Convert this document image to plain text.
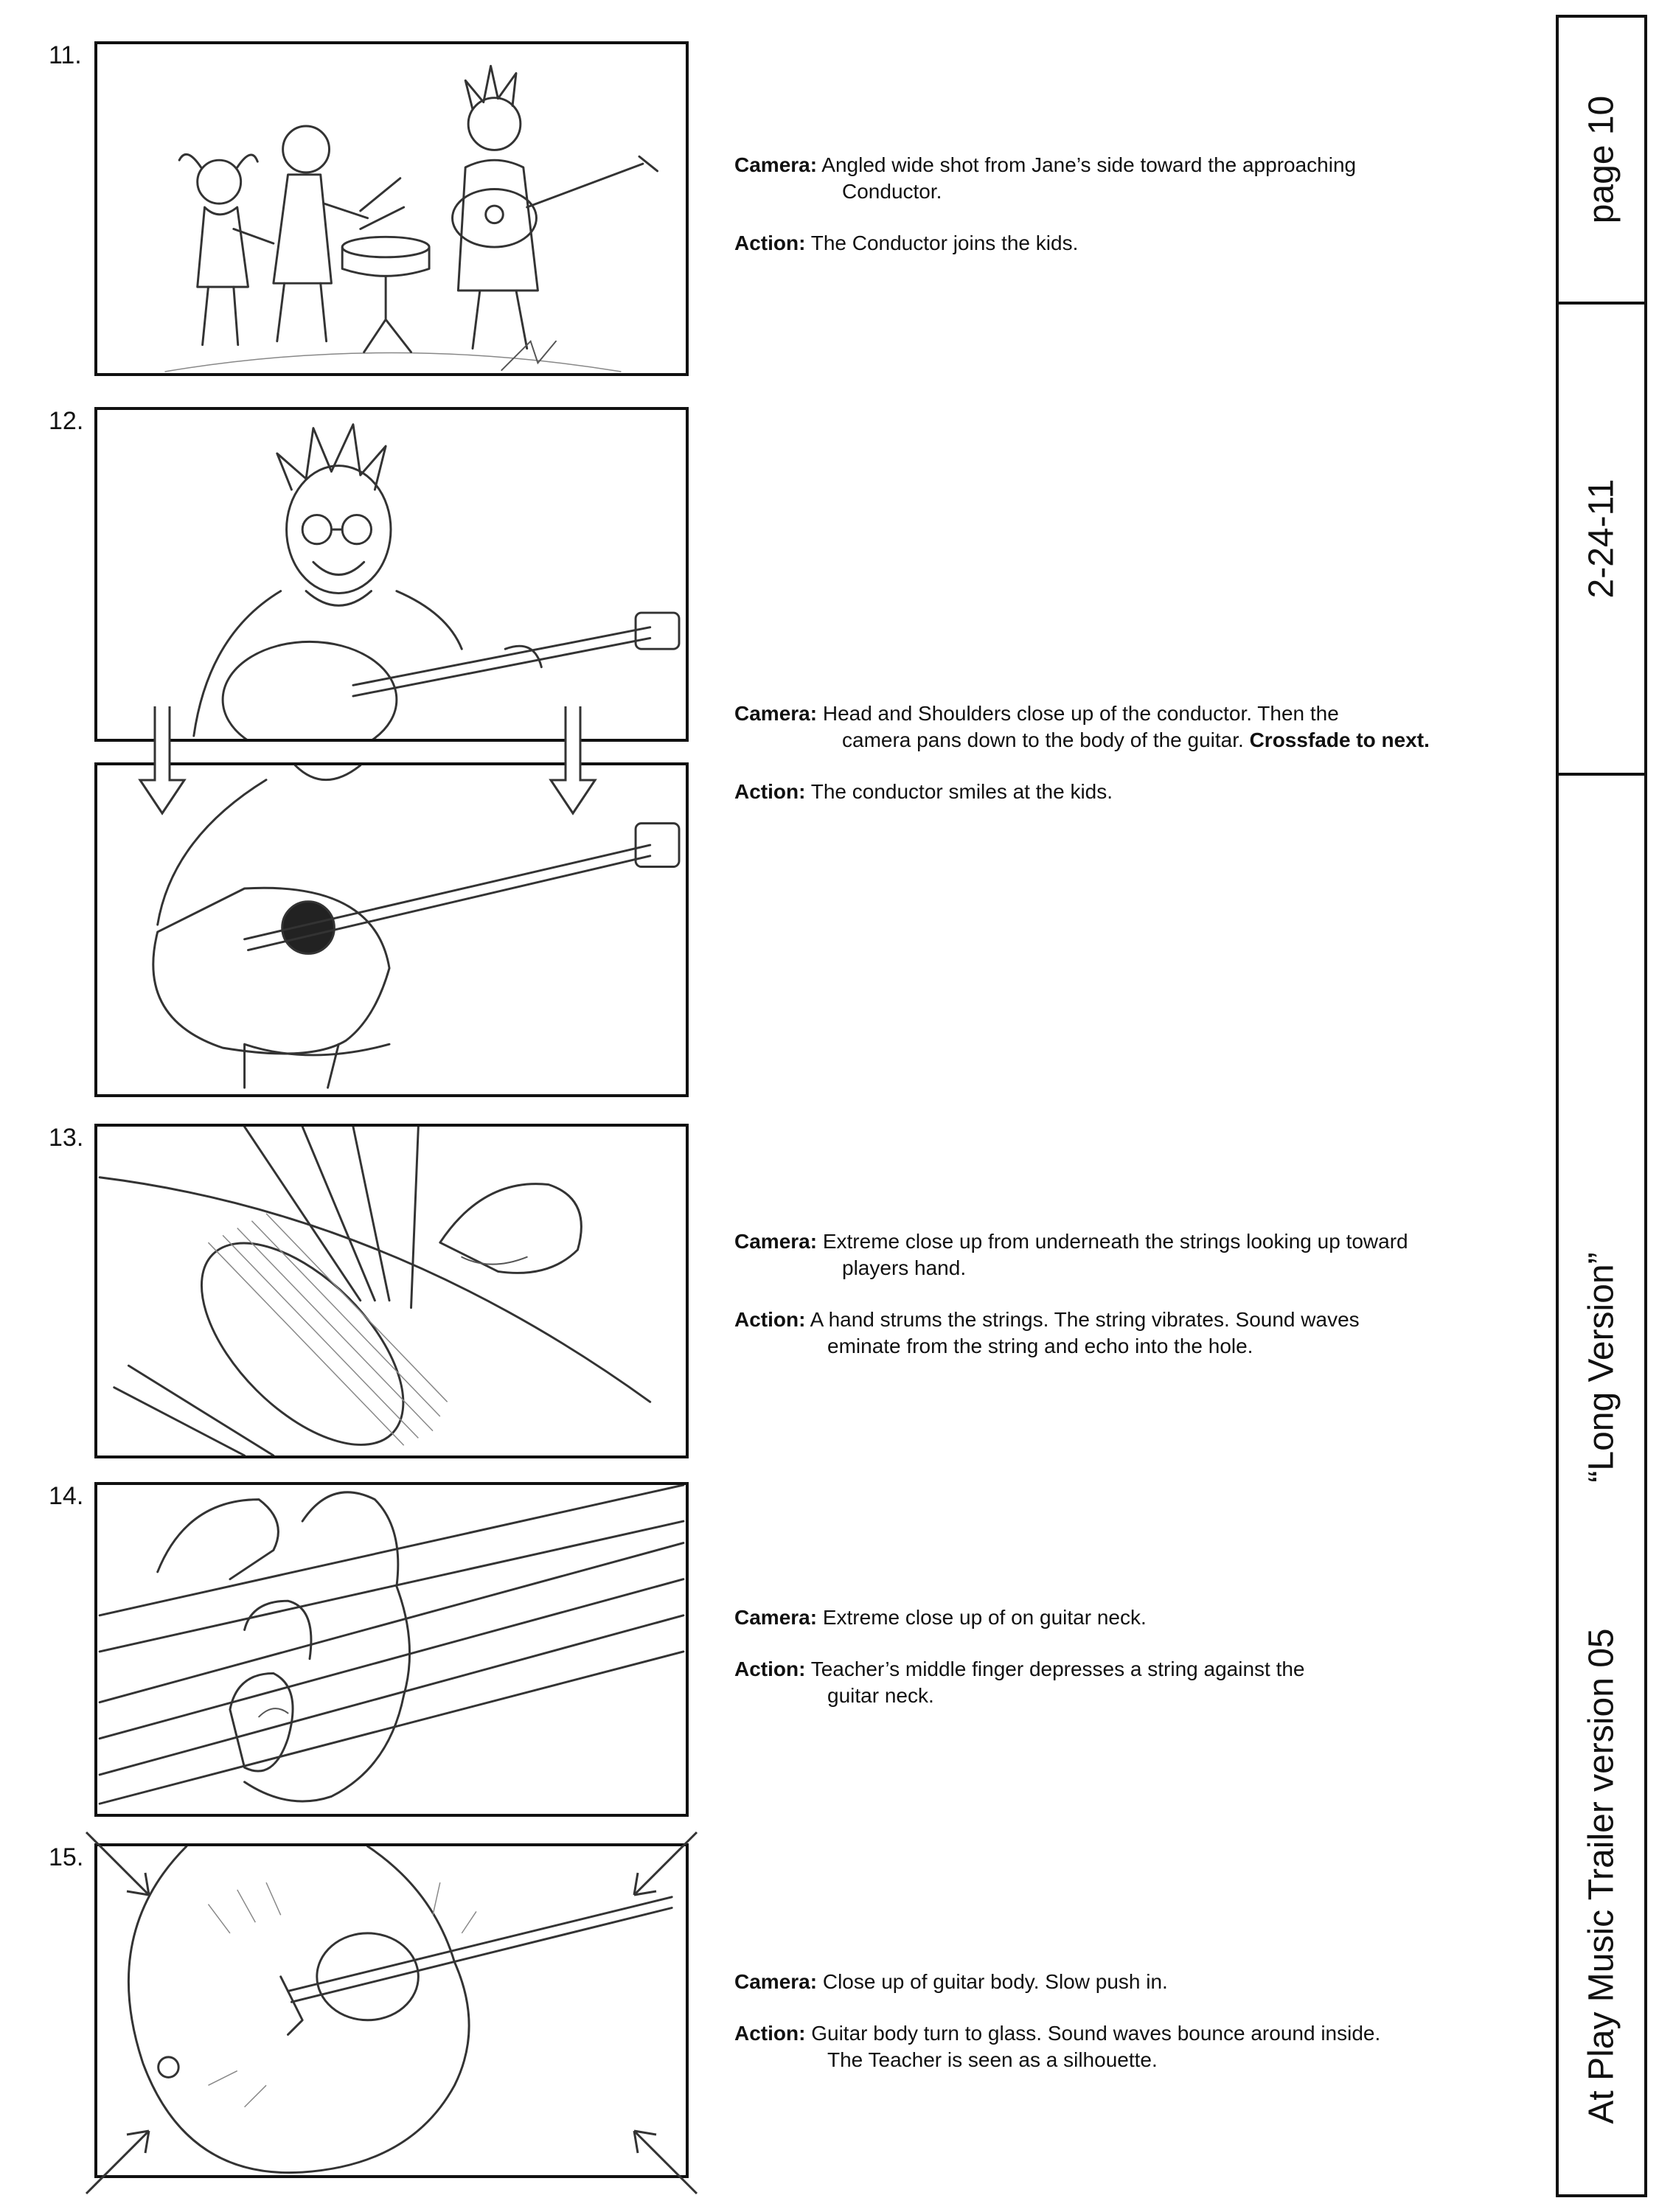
page 10
2-24-11
“Long Version”
At Play Music Trailer version 05
11.

Camera: Angled wide shot from Jane’s side toward the approaching

Conductor.

Action: The Conductor joins the kids.

12.

Camera: Head and Shoulders close up of the conductor. Then the

camera pans down to the body of the guitar. Crossfade to next.

Action: The conductor smiles at the kids.

13.

Camera: Extreme close up from underneath the strings looking up toward

players hand.

Action: A hand strums the strings. The string vibrates. Sound waves

eminate from the string and echo into the hole.

14.

Camera: Extreme close up of on guitar neck.

Action: Teacher’s middle finger depresses a string against the

guitar neck.

15.

Camera: Close up of guitar body. Slow push in.

Action: Guitar body turn to glass. Sound waves bounce around inside.

The Teacher is seen as a silhouette.
